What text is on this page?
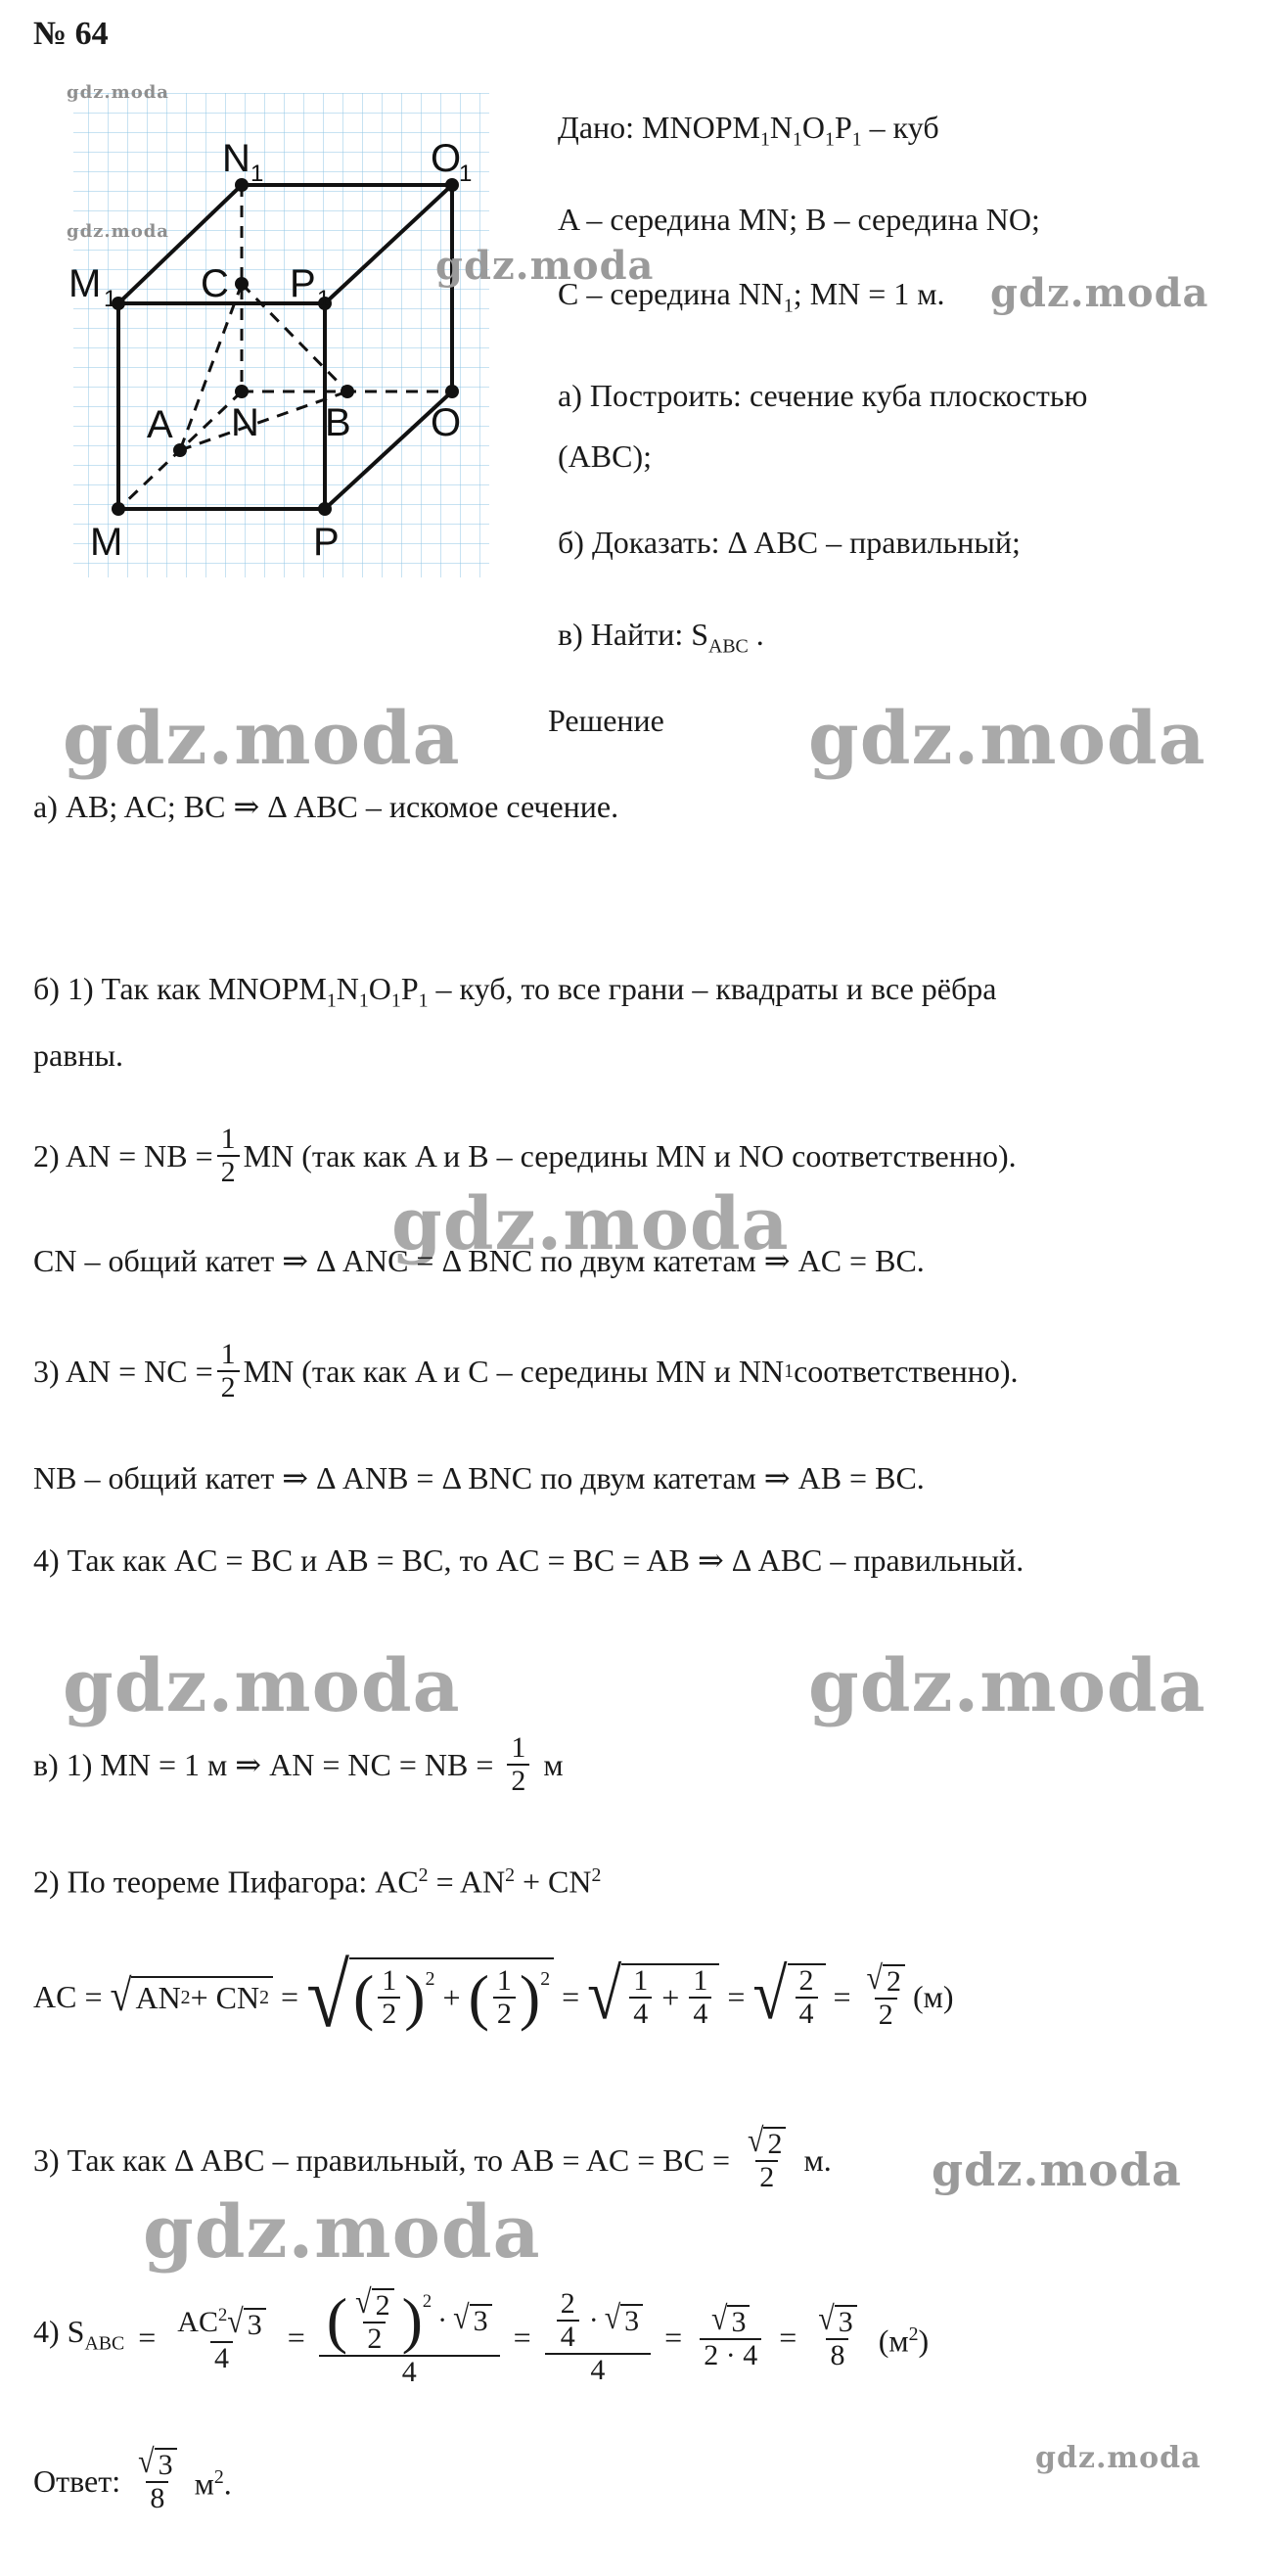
№ 64
N 1	O
1
M 1 C P 1
A N B O
M	P
gdz.moda
gdz.moda
gdz.moda
Дано: $MNOPM_1N_1O_1P_1$ – куб
A – середина MN; B – середина NO;
C – середина $NN_1$; MN = 1 м. gdz.moda
а) Построить: сечение куба плоскостью
(ABC);
б) Доказать: Δ ABC – правильный;
в) Найти: $S_{ABC}$ .
Решение
gdz.moda	gdz.moda
а) AB; AC; BC ⇒ Δ ABC – искомое сечение.
б) 1) Так как $MNOPM_1N_1O_1P_1$ – куб, то все грани – квадраты и все рёбра
равны.
2) AN = NB = $\frac{1}{2}$ MN (так как A и B – середины MN и NO соответственно).
gdz.moda
CN – общий катет ⇒ Δ ANC = Δ BNC по двум катетам ⇒ AC = BC.
3) AN = NC = $\frac{1}{2}$ MN (так как A и C – середины MN и NN 1 соответственно).
NB – общий катет ⇒ Δ ANB = Δ BNC по двум катетам ⇒ AB = BC.
4) Так как AC = BC и AB = BC, то AC = BC = AB ⇒ Δ ABC – правильный.
gdz.moda	gdz.moda
в) 1) MN = 1 м ⇒ AN = NC = NB = $\frac{1}{2}$ м
2) По теореме Пифагора: $AC^2 = AN^2 + CN^2$
AC = √ AN 2 + CN 2 = √ ( $\frac{1}{2} )^2$
+ ( $\frac{1}{2} )^2$ = √ $\frac{1}{4} + \frac{1}{4}$ = √ $\frac{2}{4} = \frac{√ 2}{2} (м)$
3) Так как Δ ABC – правильный, то AB = AC = BC = $\frac{√ 2}{2} м$. gdz.moda
gdz.moda
4) $S_{ABC} = \frac{AC^2 √ 3}{4}$ = ( $\frac{√ 2}{2} )^2$
· √ 3
$4 = \frac{\frac{2}{4} \cdot √ 3}{4} = \frac{√ 3}{2 \cdot 4} = \frac{√ 3}{8} (м^2)$
Ответ: $\frac{√ 3}{8} м^2$.
gdz.moda
